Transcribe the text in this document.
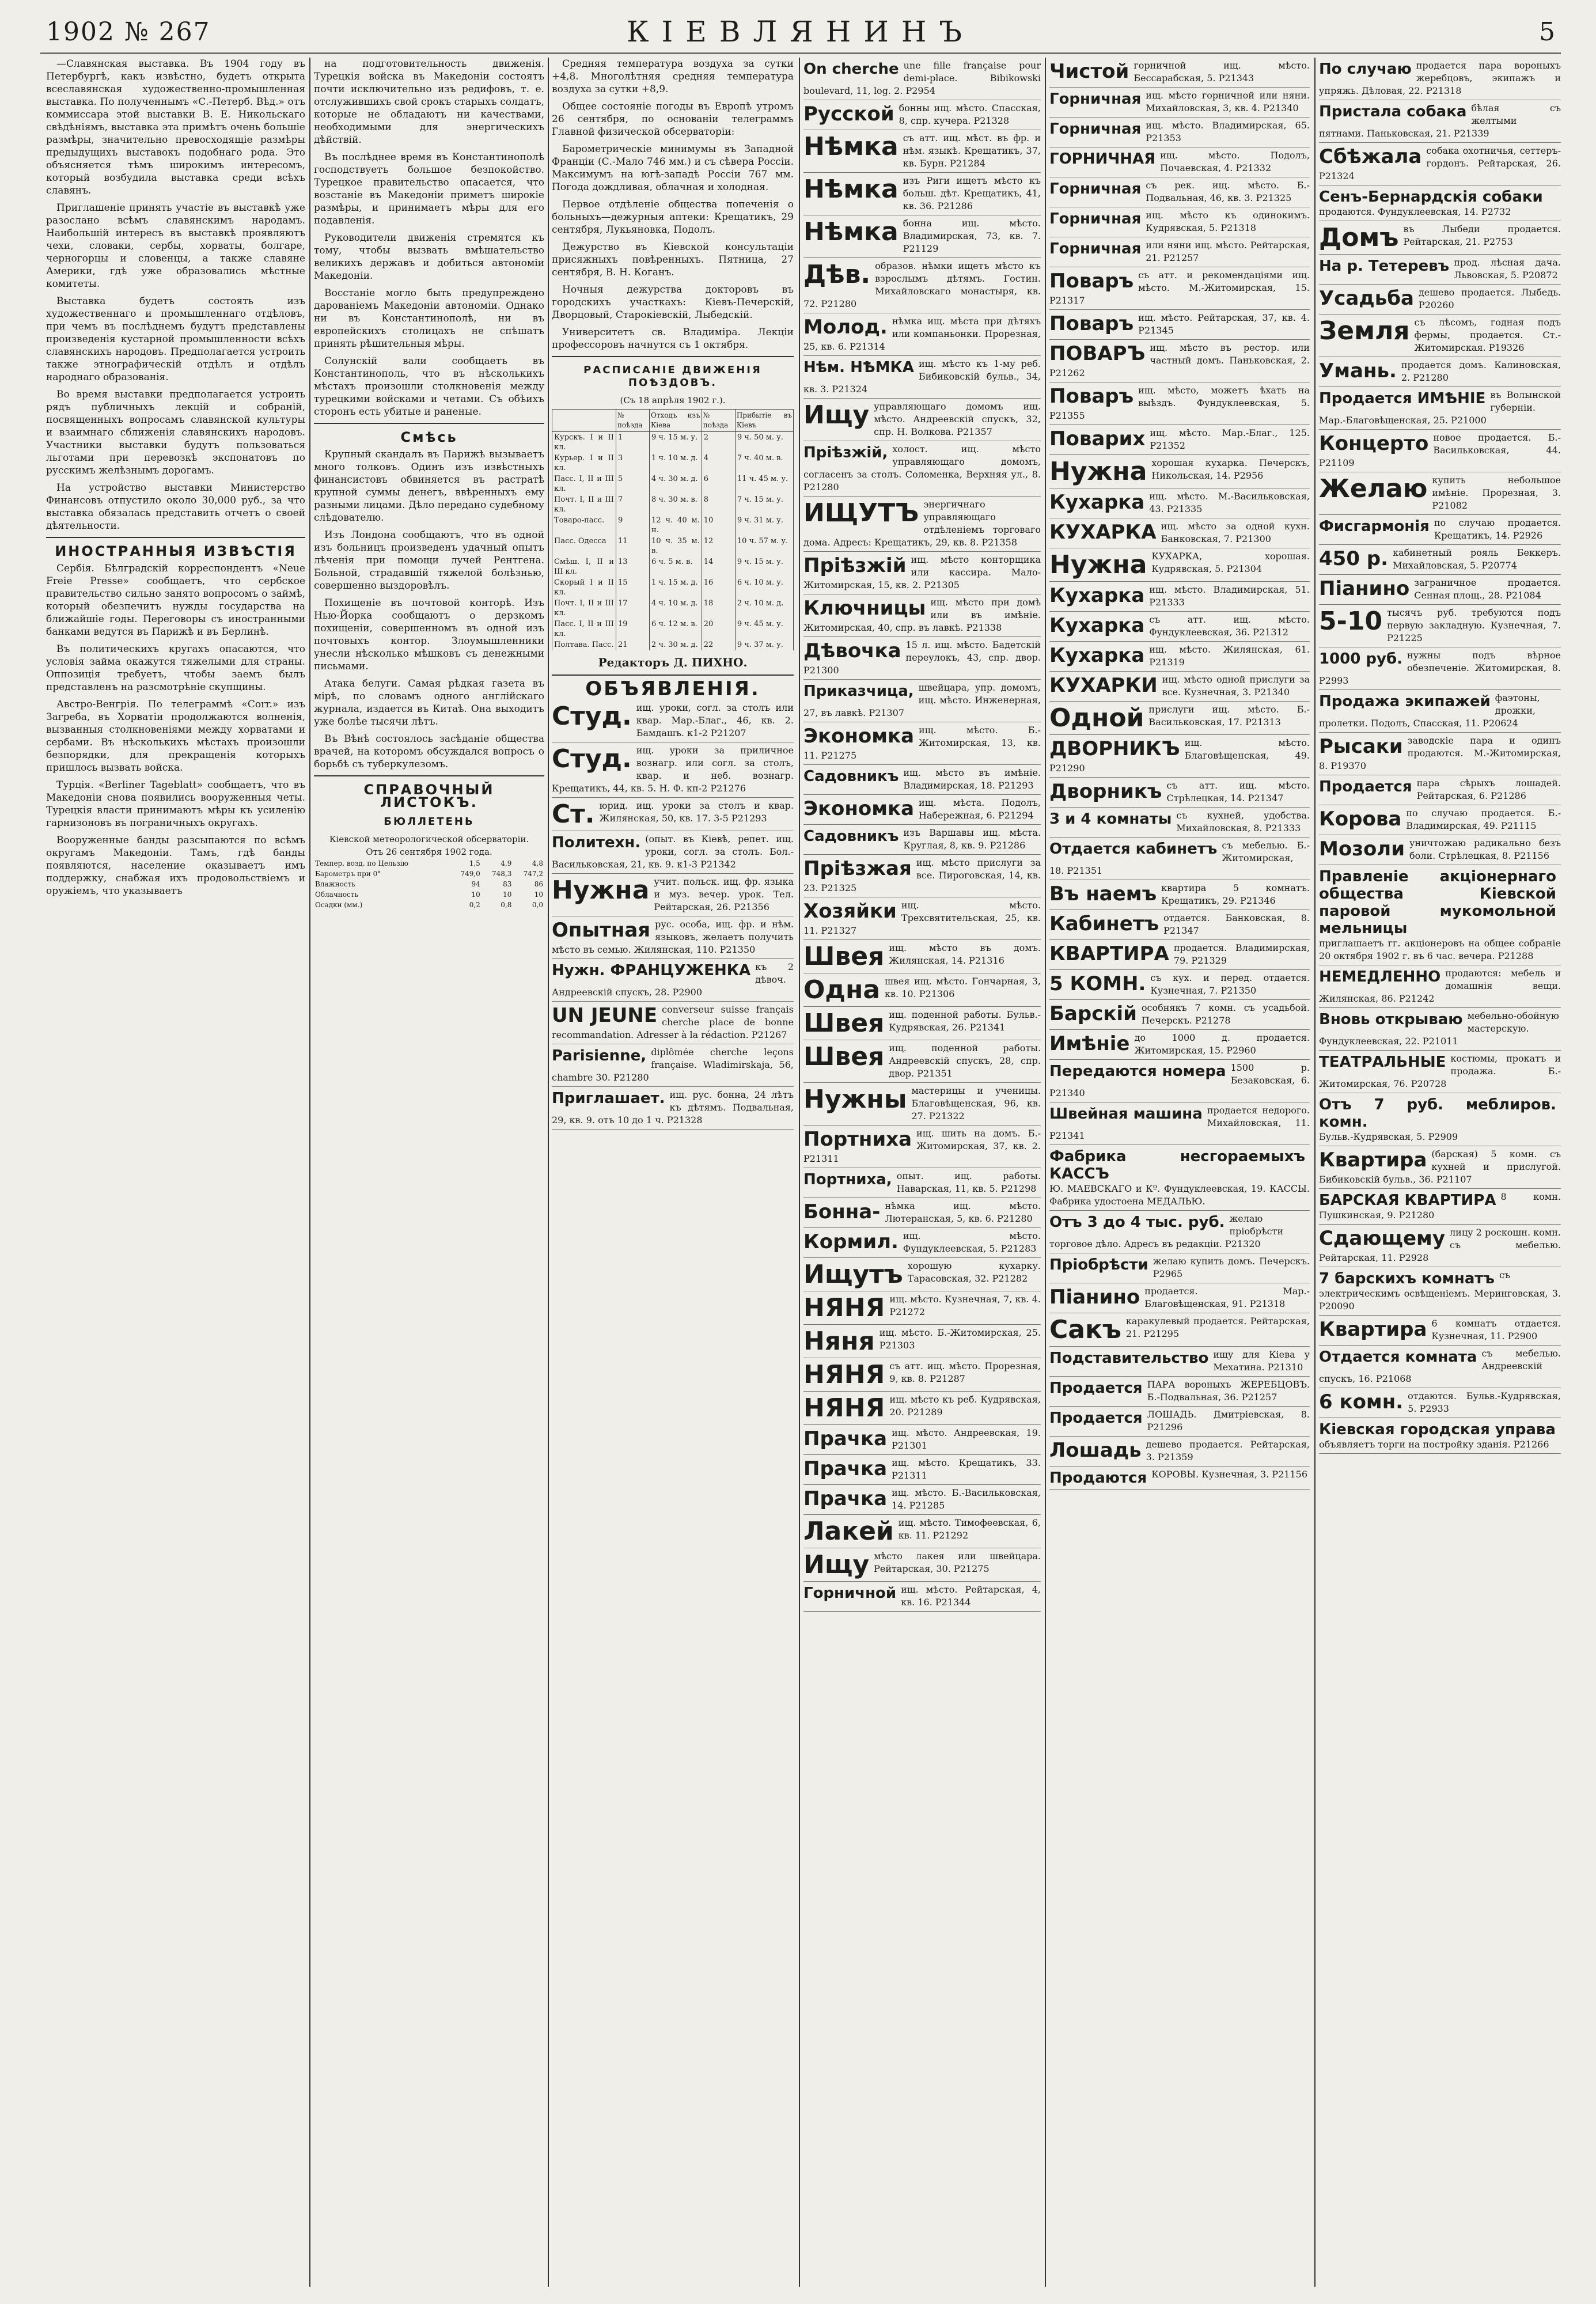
1902 № 267	КІЕВЛЯНИНЪ	5

—Славянская выставка. Въ 1904 году въ Петербургѣ, какъ извѣстно, будетъ открыта всеславянская художественно-промышленная выставка. По полученнымъ «С.-Петерб. Вѣд.» отъ коммиссара этой выставки В. Е. Никольскаго свѣдѣніямъ, выставка эта примѣтъ очень большіе размѣры, значительно превосходящіе размѣры предыдущихъ выставокъ подобнаго рода. Это объясняется тѣмъ широкимъ интересомъ, который возбудила выставка среди всѣхъ славянъ.

Приглашеніе принять участіе въ выставкѣ уже разослано всѣмъ славянскимъ народамъ. Наибольшій интересъ въ выставкѣ проявляютъ чехи, словаки, сербы, хорваты, болгаре, черногорцы и словенцы, а также славяне Америки, гдѣ уже образовались мѣстные комитеты.

Выставка будетъ состоять изъ художественнаго и промышленнаго отдѣловъ, при чемъ въ послѣднемъ будутъ представлены произведенія кустарной промышленности всѣхъ славянскихъ народовъ. Предполагается устроить также этнографическій отдѣлъ и отдѣлъ народнаго образованія.

Во время выставки предполагается устроить рядъ публичныхъ лекцій и собраній, посвященныхъ вопросамъ славянской культуры и взаимнаго сближенія славянскихъ народовъ. Участники выставки будутъ пользоваться льготами при перевозкѣ экспонатовъ по русскимъ желѣзнымъ дорогамъ.

На устройство выставки Министерство Финансовъ отпустило около 30,000 руб., за что выставка обязалась представить отчетъ о своей дѣятельности.

ИНОСТРАННЫЯ ИЗВѢСТІЯ

Сербія. Бѣлградскій корреспондентъ «Neue Freie Presse» сообщаетъ, что сербское правительство сильно занято вопросомъ о займѣ, который обезпечитъ нужды государства на ближайшіе годы. Переговоры съ иностранными банками ведутся въ Парижѣ и въ Берлинѣ.

Въ политическихъ кругахъ опасаются, что условія займа окажутся тяжелыми для страны. Оппозиція требуетъ, чтобы заемъ былъ представленъ на разсмотрѣніе скупщины.

Австро-Венгрія. По телеграммѣ «Corr.» изъ Загреба, въ Хорватіи продолжаются волненія, вызванныя столкновеніями между хорватами и сербами. Въ нѣсколькихъ мѣстахъ произошли безпорядки, для прекращенія которыхъ пришлось вызвать войска.

Турція. «Berliner Tageblatt» сообщаетъ, что въ Македоніи снова появились вооруженныя четы. Турецкія власти принимаютъ мѣры къ усиленію гарнизоновъ въ пограничныхъ округахъ.

Вооруженные банды разсыпаются по всѣмъ округамъ Македоніи. Тамъ, гдѣ банды появляются, население оказываетъ имъ поддержку, снабжая ихъ продовольствіемъ и оружіемъ, что указываетъ

на подготовительность движенія. Турецкія войска въ Македоніи состоятъ почти исключительно изъ редифовъ, т. е. отслужившихъ свой срокъ старыхъ солдатъ, которые не обладаютъ ни качествами, необходимыми для энергическихъ дѣйствій.

Въ послѣднее время въ Константинополѣ господствуетъ большое безпокойство. Турецкое правительство опасается, что возстаніе въ Македоніи приметъ широкіе размѣры, и принимаетъ мѣры для его подавленія.

Руководители движенія стремятся къ тому, чтобы вызвать вмѣшательство великихъ державъ и добиться автономіи Македоніи.

Восстаніе могло быть предупреждено дарованіемъ Македоніи автономіи. Однако ни въ Константинополѣ, ни въ европейскихъ столицахъ не спѣшатъ принять рѣшительныя мѣры.

Солунскій вали сообщаетъ въ Константинополь, что въ нѣсколькихъ мѣстахъ произошли столкновенія между турецкими войсками и четами. Съ обѣихъ сторонъ есть убитые и раненые.

Смѣсь

Крупный скандалъ въ Парижѣ вызываетъ много толковъ. Одинъ изъ извѣстныхъ финансистовъ обвиняется въ растратѣ крупной суммы денегъ, ввѣренныхъ ему разными лицами. Дѣло передано судебному слѣдователю.

Изъ Лондона сообщаютъ, что въ одной изъ больницъ произведенъ удачный опытъ лѣченія при помощи лучей Рентгена. Больной, страдавшій тяжелой болѣзнью, совершенно выздоровѣлъ.

Похищеніе въ почтовой конторѣ. Изъ Нью-Йорка сообщаютъ о дерзкомъ похищеніи, совершенномъ въ одной изъ почтовыхъ контор. Злоумышленники унесли нѣсколько мѣшковъ съ денежными письмами.

Атака белуги. Самая рѣдкая газета въ мірѣ, по словамъ одного англійскаго журнала, издается въ Китаѣ. Она выходитъ уже болѣе тысячи лѣтъ.

Въ Вѣнѣ состоялось засѣданіе общества врачей, на которомъ обсуждался вопросъ о борьбѣ съ туберкулезомъ.

СПРАВОЧНЫЙ ЛИСТОКЪ.
БЮЛЛЕТЕНЬ
Кіевской метеорологической обсерваторіи.
Отъ 26 сентября 1902 года.
Темпер. возд. по Цельзію	1,5	4,9	4,8
Барометръ при 0°	749,0	748,3	747,2
Влажность	94	83	86
Облачность	10	10	10
Осадки (мм.)	0,2	0,8	0,0

Средняя температура воздуха за сутки +4,8. Многолѣтняя средняя температура воздуха за сутки +8,9.

Общее состояніе погоды въ Европѣ утромъ 26 сентября, по основаніи телеграммъ Главной физической обсерваторіи:

Барометрическіе минимумы въ Западной Франціи (С.-Мало 746 мм.) и съ сѣвера Россіи. Максимумъ на югѣ-западѣ Россіи 767 мм. Погода дождливая, облачная и холодная.

Первое отдѣленіе общества попеченія о больныхъ—дежурныя аптеки: Крещатикъ, 29 сентября, Лукьяновка, Подолъ.

Дежурство въ Кіевской консультаціи присяжныхъ повѣренныхъ. Пятница, 27 сентября, В. Н. Коганъ.

Ночныя дежурства докторовъ въ городскихъ участкахъ: Кіевъ-Печерскій, Дворцовый, Старокіевскій, Лыбедскій.

Университетъ св. Владиміра. Лекціи профессоровъ начнутся съ 1 октября.

РАСПИСАНІЕ ДВИЖЕНІЯ ПОѢЗДОВЪ.
(Съ 18 апрѣля 1902 г.).
	№ поѣзда	Отходъ изъ Кіева	№ поѣзда	Прибытіе въ Кіевъ
Курскъ. I и II кл.	1	9 ч. 15 м. у.	2	9 ч. 50 м. у.
Курьер. I и II кл.	3	1 ч. 10 м. д.	4	7 ч. 40 м. в.
Пасс. I, II и III кл.	5	4 ч. 30 м. д.	6	11 ч. 45 м. у.
Почт. I, II и III кл.	7	8 ч. 30 м. в.	8	7 ч. 15 м. у.
Товаро-пасс.	9	12 ч. 40 м. н.	10	9 ч. 31 м. у.
Пасс. Одесса	11	10 ч. 35 м. в.	12	10 ч. 57 м. у.
Смѣш. I, II и III кл.	13	6 ч. 5 м. в.	14	9 ч. 15 м. у.
Скорый I и II кл.	15	1 ч. 15 м. д.	16	6 ч. 10 м. у.
Почт. I, II и III кл.	17	4 ч. 10 м. д.	18	2 ч. 10 м. д.
Пасс. I, II и III кл.	19	6 ч. 12 м. в.	20	9 ч. 45 м. у.
Полтава. Пасс.	21	2 ч. 30 м. д.	22	9 ч. 37 м. у.
Редакторъ Д. ПИХНО.
ОБЪЯВЛЕНІЯ.
Студ. ищ. уроки, согл. за столъ или квар. Мар.-Благ., 46, кв. 2. Бамдашъ. к1-2 Р21207
Студ. ищ. уроки за приличное вознагр. или согл. за столъ, квар. и неб. вознагр. Крещатикъ, 44, кв. 5. Н. Ф. кп-2 Р21276
Ст. юрид. ищ. уроки за столъ и квар. Жилянская, 50, кв. 17. 3-5 Р21293
Политехн. (опыт. въ Кіевѣ, репет. ищ. уроки, согл. за столъ. Бол.-Васильковская, 21, кв. 9. к1-3 Р21342
Нужна учит. польск. ищ. фр. языка и муз. вечер. урок. Тел. Рейтарская, 26. Р21356
Опытная рус. особа, ищ. фр. и нѣм. языковъ, желаетъ получить мѣсто въ семью. Жилянская, 110. Р21350
Нужн. ФРАНЦУЖЕНКА къ 2 дѣвоч. Андреевскій спускъ, 28. Р2900
UN JEUNE converseur suisse français cherche place de bonne recommandation. Adresser à la rédaction. Р21267
Parisienne, diplômée cherche leçons française. Wladimirskaja, 56, chambre 30. Р21280
Приглашает. ищ. рус. бонна, 24 лѣтъ къ дѣтямъ. Подвальная, 29, кв. 9. отъ 10 до 1 ч. Р21328
On cherche une fille française pour demi-place. Bibikowski boulevard, 11, log. 2. Р2954
Русской бонны ищ. мѣсто. Спасская, 8, спр. кучера. Р21328
Нѣмка съ атт. ищ. мѣст. въ фр. и нѣм. языкѣ. Крещатикъ, 37, кв. Бурн. Р21284
Нѣмка изъ Риги ищетъ мѣсто къ больш. дѣт. Крещатикъ, 41, кв. 36. Р21286
Нѣмка бонна ищ. мѣсто. Владимирская, 73, кв. 7. Р21129
Дѣв. образов. нѣмки ищетъ мѣсто къ взрослымъ дѣтямъ. Гостин. Михайловскаго монастыря, кв. 72. Р21280
Молод. нѣмка ищ. мѣста при дѣтяхъ или компаньонки. Прорезная, 25, кв. 6. Р21314
Нѣм. НѢМКА ищ. мѣсто къ 1-му реб. Бибиковскій бульв., 34, кв. 3. Р21324
Ищу управляющаго домомъ ищ. мѣсто. Андреевскій спускъ, 32, спр. Н. Волкова. Р21357
Пріѣзжій, холост. ищ. мѣсто управляющаго домомъ, согласенъ за столъ. Соломенка, Верхняя ул., 8. Р21280
ИЩУТЪ энергичнаго управляющаго отдѣленіемъ торговаго дома. Адресъ: Крещатикъ, 29, кв. 8. Р21358
Пріѣзжій ищ. мѣсто конторщика или кассира. Мало-Житомирская, 15, кв. 2. Р21305
Ключницы ищ. мѣсто при домѣ или въ имѣніе. Житомирская, 40, спр. въ лавкѣ. Р21338
Дѣвочка 15 л. ищ. мѣсто. Бадетскій переулокъ, 43, спр. двор. Р21300
Приказчица, швейцара, упр. домомъ, ищ. мѣсто. Инженерная, 27, въ лавкѣ. Р21307
Экономка ищ. мѣсто. Б.-Житомирская, 13, кв. 11. Р21275
Садовникъ ищ. мѣсто въ имѣніе. Владимирская, 18. Р21293
Экономка ищ. мѣста. Подолъ, Набережная, 6. Р21294
Садовникъ изъ Варшавы ищ. мѣста. Круглая, 8, кв. 9. Р21286
Пріѣзжая ищ. мѣсто прислуги за все. Пироговская, 14, кв. 23. Р21325
Хозяйки ищ. мѣсто. Трехсвятительская, 25, кв. 11. Р21327
Швея ищ. мѣсто въ домъ. Жилянская, 14. Р21316
Одна швея ищ. мѣсто. Гончарная, 3, кв. 10. Р21306
Швея ищ. поденной работы. Бульв.-Кудрявская, 26. Р21341
Швея ищ. поденной работы. Андреевскій спускъ, 28, спр. двор. Р21351
Нужны мастерицы и ученицы. Благовѣщенская, 96, кв. 27. Р21322
Портниха ищ. шить на домъ. Б.-Житомирская, 37, кв. 2. Р21311
Портниха, опыт. ищ. работы. Наварская, 11, кв. 5. Р21298
Бонна- нѣмка ищ. мѣсто. Лютеранская, 5, кв. 6. Р21280
Кормил. ищ. мѣсто. Фундуклеевская, 5. Р21283
Ищутъ хорошую кухарку. Тарасовская, 32. Р21282
НЯНЯ ищ. мѣсто. Кузнечная, 7, кв. 4. Р21272
Няня ищ. мѣсто. Б.-Житомирская, 25. Р21303
НЯНЯ съ атт. ищ. мѣсто. Прорезная, 9, кв. 8. Р21287
НЯНЯ ищ. мѣсто къ реб. Кудрявская, 20. Р21289
Прачка ищ. мѣсто. Андреевская, 19. Р21301
Прачка ищ. мѣсто. Крещатикъ, 33. Р21311
Прачка ищ. мѣсто. Б.-Васильковская, 14. Р21285
Лакей ищ. мѣсто. Тимофеевская, 6, кв. 11. Р21292
Ищу мѣсто лакея или швейцара. Рейтарская, 30. Р21275
Горничной ищ. мѣсто. Рейтарская, 4, кв. 16. Р21344
Чистой горничной ищ. мѣсто. Бессарабская, 5. Р21343
Горничная ищ. мѣсто горничной или няни. Михайловская, 3, кв. 4. Р21340
Горничная ищ. мѣсто. Владимирская, 65. Р21353
ГОРНИЧНАЯ ищ. мѣсто. Подолъ, Почаевская, 4. Р21332
Горничная съ рек. ищ. мѣсто. Б.-Подвальная, 46, кв. 3. Р21325
Горничная ищ. мѣсто къ одинокимъ. Кудрявская, 5. Р21318
Горничная или няни ищ. мѣсто. Рейтарская, 21. Р21257
Поваръ съ атт. и рекомендаціями ищ. мѣсто. М.-Житомирская, 15. Р21317
Поваръ ищ. мѣсто. Рейтарская, 37, кв. 4. Р21345
ПОВАРЪ ищ. мѣсто въ рестор. или частный домъ. Паньковская, 2. Р21262
Поваръ ищ. мѣсто, можетъ ѣхать на выѣздъ. Фундуклеевская, 5. Р21355
Поварих ищ. мѣсто. Мар.-Благ., 125. Р21352
Нужна хорошая кухарка. Печерскъ, Никольская, 14. Р2956
Кухарка ищ. мѣсто. М.-Васильковская, 43. Р21335
КУХАРКА ищ. мѣсто за одной кухн. Банковская, 7. Р21300
Нужна КУХАРКА, хорошая. Кудрявская, 5. Р21304
Кухарка ищ. мѣсто. Владимирская, 51. Р21333
Кухарка съ атт. ищ. мѣсто. Фундуклеевская, 36. Р21312
Кухарка ищ. мѣсто. Жилянская, 61. Р21319
КУХАРКИ ищ. мѣсто одной прислуги за все. Кузнечная, 3. Р21340
Одной прислуги ищ. мѣсто. Б.-Васильковская, 17. Р21313
ДВОРНИКЪ ищ. мѣсто. Благовѣщенская, 49. Р21290
Дворникъ съ атт. ищ. мѣсто. Стрѣлецкая, 14. Р21347
3 и 4 комнаты съ кухней, удобства. Михайловская, 8. Р21333
Отдается кабинетъ съ мебелью. Б.-Житомирская, 18. Р21351
Въ наемъ квартира 5 комнатъ. Крещатикъ, 29. Р21346
Кабинетъ отдается. Банковская, 8. Р21347
КВАРТИРА продается. Владимирская, 79. Р21329
5 КОМН. съ кух. и перед. отдается. Кузнечная, 7. Р21350
Барскій особнякъ 7 комн. съ усадьбой. Печерскъ. Р21278
Имѣніе до 1000 д. продается. Житомирская, 15. Р2960
Передаются номера 1500 р. Безаковская, 6. Р21340
Швейная машина продается недорого. Михайловская, 11. Р21341
Фабрика несгораемыхъ КАССЪ
Ю. МАЕВСКАГО и Кº. Фундуклеевская, 19. КАССЫ. Фабрика удостоена МЕДАЛЬЮ.
Отъ 3 до 4 тыс. руб. желаю пріобрѣсти торговое дѣло. Адресъ въ редакціи. Р21320
Пріобрѣсти желаю купить домъ. Печерскъ. Р2965
Піанино продается. Мар.-Благовѣщенская, 91. Р21318
Сакъ каракулевый продается. Рейтарская, 21. Р21295
Подставительство ищу для Кіева у Мехатина. Р21310
Продается ПАРА вороныхъ ЖЕРЕБЦОВЪ. Б.-Подвальная, 36. Р21257
Продается ЛОШАДЬ. Дмитріевская, 8. Р21296
Лошадь дешево продается. Рейтарская, 3. Р21359
Продаются КОРОВЫ. Кузнечная, 3. Р21156
По случаю продается пара вороныхъ жеребцовъ, экипажъ и упряжь. Дѣловая, 22. Р21318
Пристала собака бѣлая съ желтыми пятнами. Паньковская, 21. Р21339
Сбѣжала собака охотничья, сеттеръ-гордонъ. Рейтарская, 26. Р21324
Сенъ-Бернардскія собаки
продаются. Фундуклеевская, 14. Р2732
Домъ въ Лыбеди продается. Рейтарская, 21. Р2753
На р. Тетеревъ прод. лѣсная дача. Львовская, 5. Р20872
Усадьба дешево продается. Лыбедь. Р20260
Земля съ лѣсомъ, годная подъ фермы, продается. Ст.-Житомирская. Р19326
Умань. продается домъ. Калиновская, 2. Р21280
Продается ИМѢНІЕ въ Волынской губерніи. Мар.-Благовѣщенская, 25. Р21000
Концерто новое продается. Б.-Васильковская, 44. Р21109
Желаю купить небольшое имѣніе. Прорезная, 3. Р21082
Фисгармонія по случаю продается. Крещатикъ, 14. Р2926
450 р. кабинетный рояль Беккеръ. Михайловская, 5. Р20774
Піанино заграничное продается. Сенная площ., 28. Р21084
5-10 тысячъ руб. требуются подъ первую закладную. Кузнечная, 7. Р21225
1000 руб. нужны подъ вѣрное обезпеченіе. Житомирская, 8. Р2993
Продажа экипажей фаэтоны, дрожки, пролетки. Подолъ, Спасская, 11. Р20624
Рысаки заводскіе пара и одинъ продаются. М.-Житомирская, 8. Р19370
Продается пара сѣрыхъ лошадей. Рейтарская, 6. Р21286
Корова по случаю продается. Б.-Владимирская, 49. Р21115
Мозоли уничтожаю радикально безъ боли. Стрѣлецкая, 8. Р21156
Правленіе акціонернаго общества Кіевской паровой мукомольной мельницы
приглашаетъ гг. акціонеровъ на общее собраніе 20 октября 1902 г. въ 6 час. вечера. Р21288
НЕМЕДЛЕННО продаются: мебель и домашнія вещи. Жилянская, 86. Р21242
Вновь открываю мебельно-обойную мастерскую. Фундуклеевская, 22. Р21011
ТЕАТРАЛЬНЫЕ костюмы, прокатъ и продажа. Б.-Житомирская, 76. Р20728
Отъ 7 руб. меблиров. комн.
Бульв.-Кудрявская, 5. Р2909
Квартира (барская) 5 комн. съ кухней и прислугой. Бибиковскій бульв., 36. Р21107
БАРСКАЯ КВАРТИРА 8 комн. Пушкинская, 9. Р21280
Сдающему лицу 2 роскошн. комн. съ мебелью. Рейтарская, 11. Р2928
7 барскихъ комнатъ съ электрическимъ освѣщеніемъ. Меринговская, 3. Р20090
Квартира 6 комнатъ отдается. Кузнечная, 11. Р2900
Отдается комната съ мебелью. Андреевскій спускъ, 16. Р21068
6 комн. отдаются. Бульв.-Кудрявская, 5. Р2933
Кіевская городская управа
объявляетъ торги на постройку зданія. Р21266
